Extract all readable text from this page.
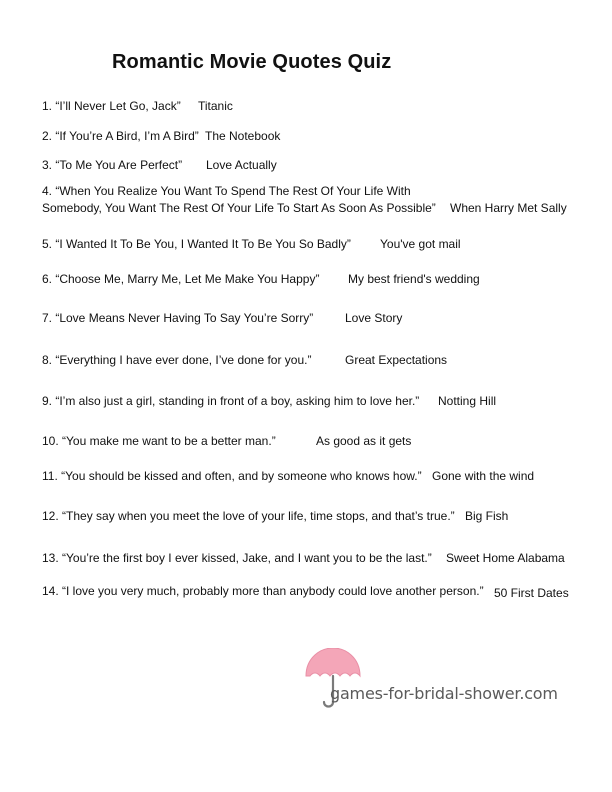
Romantic Movie Quotes Quiz
1. “I’ll Never Let Go, Jack” Titanic
2. “If You’re A Bird, I’m A Bird” The Notebook
3. “To Me You Are Perfect” Love Actually
4. “When You Realize You Want To Spend The Rest Of Your Life With
Somebody, You Want The Rest Of Your Life To Start As Soon As Possible” When Harry Met Sally
5. “I Wanted It To Be You, I Wanted It To Be You So Badly” You've got mail
6. “Choose Me, Marry Me, Let Me Make You Happy” My best friend's wedding
7. “Love Means Never Having To Say You’re Sorry”	Love Story
8. “Everything I have ever done, I’ve done for you.”	Great Expectations
9. “I’m also just a girl, standing in front of a boy, asking him to love her.” Notting Hill
10. “You make me want to be a better man.”	As good as it gets
11. “You should be kissed and often, and by someone who knows how.” Gone with the wind
12. “They say when you meet the love of your life, time stops, and that’s true.” Big Fish
13. “You’re the first boy I ever kissed, Jake, and I want you to be the last.” Sweet Home Alabama
14. “I love you very much, probably more than anybody could love another person.” 50 First Dates
games-for-bridal-shower.com
